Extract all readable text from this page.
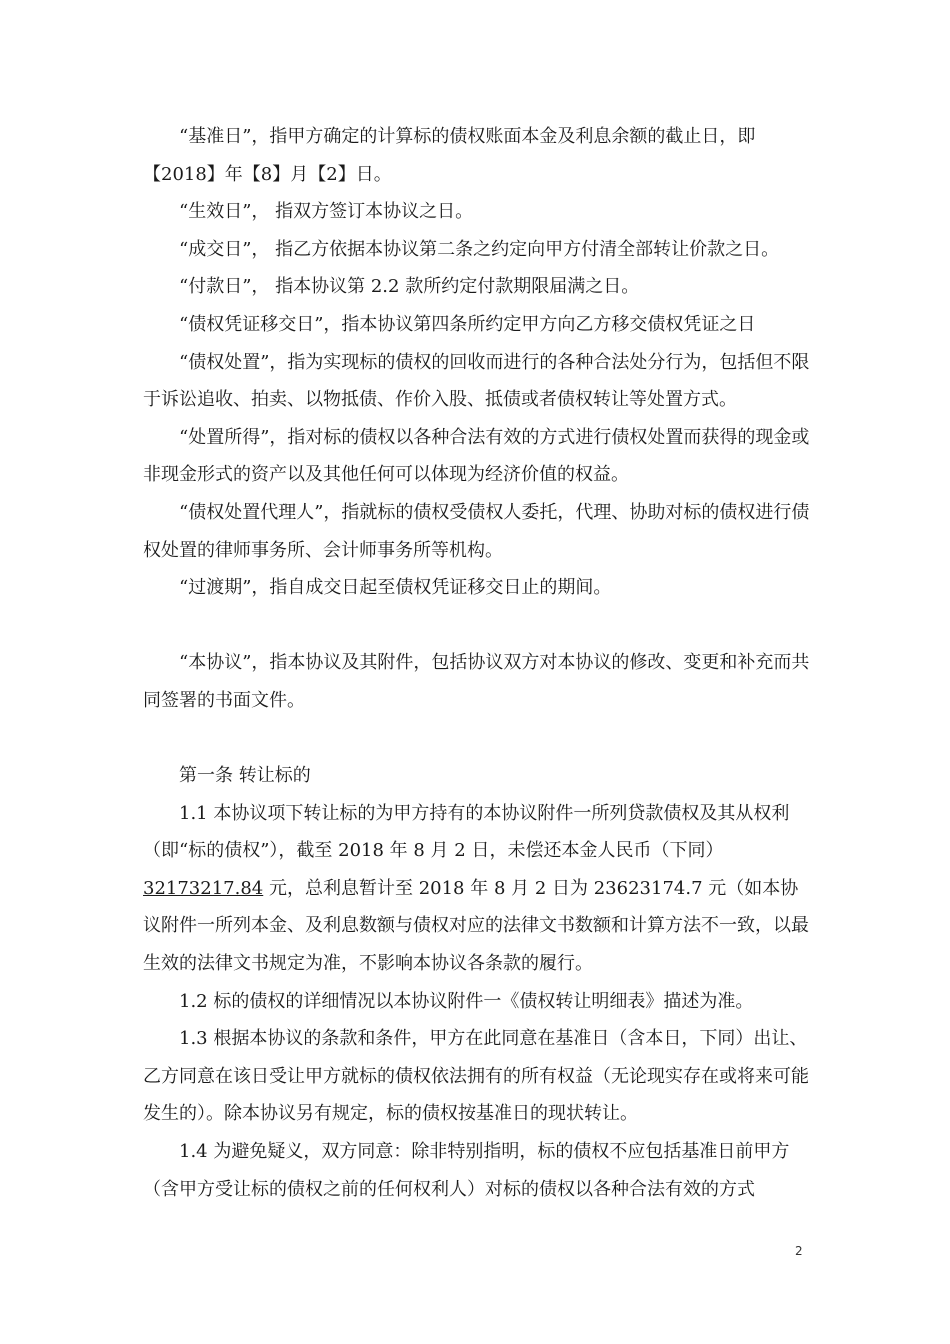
“基准日”，指甲方确定的计算标的债权账面本金及利息余额的截止日，即【2018】年【8】月【2】日。

“生效日”， 指双方签订本协议之日。

“成交日”， 指乙方依据本协议第二条之约定向甲方付清全部转让价款之日。

“付款日”， 指本协议第 2.2 款所约定付款期限届满之日。

“债权凭证移交日”，指本协议第四条所约定甲方向乙方移交债权凭证之日

“债权处置”，指为实现标的债权的回收而进行的各种合法处分行为，包括但不限于诉讼追收、拍卖、以物抵债、作价入股、抵债或者债权转让等处置方式。

“处置所得”，指对标的债权以各种合法有效的方式进行债权处置而获得的现金或非现金形式的资产以及其他任何可以体现为经济价值的权益。

“债权处置代理人”，指就标的债权受债权人委托，代理、协助对标的债权进行债权处置的律师事务所、会计师事务所等机构。

“过渡期”，指自成交日起至债权凭证移交日止的期间。

“本协议”，指本协议及其附件，包括协议双方对本协议的修改、变更和补充而共同签署的书面文件。

第一条 转让标的

1.1 本协议项下转让标的为甲方持有的本协议附件一所列贷款债权及其从权利（即“标的债权”），截至 2018 年 8 月 2 日，未偿还本金人民币（下同）32173217.84 元，总利息暂计至 2018 年 8 月 2 日为 23623174.7 元（如本协议附件一所列本金、及利息数额与债权对应的法律文书数额和计算方法不一致，以最生效的法律文书规定为准，不影响本协议各条款的履行。

1.2 标的债权的详细情况以本协议附件一《债权转让明细表》描述为准。

1.3 根据本协议的条款和条件，甲方在此同意在基准日（含本日，下同）出让、乙方同意在该日受让甲方就标的债权依法拥有的所有权益（无论现实存在或将来可能发生的）。除本协议另有规定，标的债权按基准日的现状转让。

1.4 为避免疑义，双方同意：除非特别指明，标的债权不应包括基准日前甲方（含甲方受让标的债权之前的任何权利人）对标的债权以各种合法有效的方式

2
